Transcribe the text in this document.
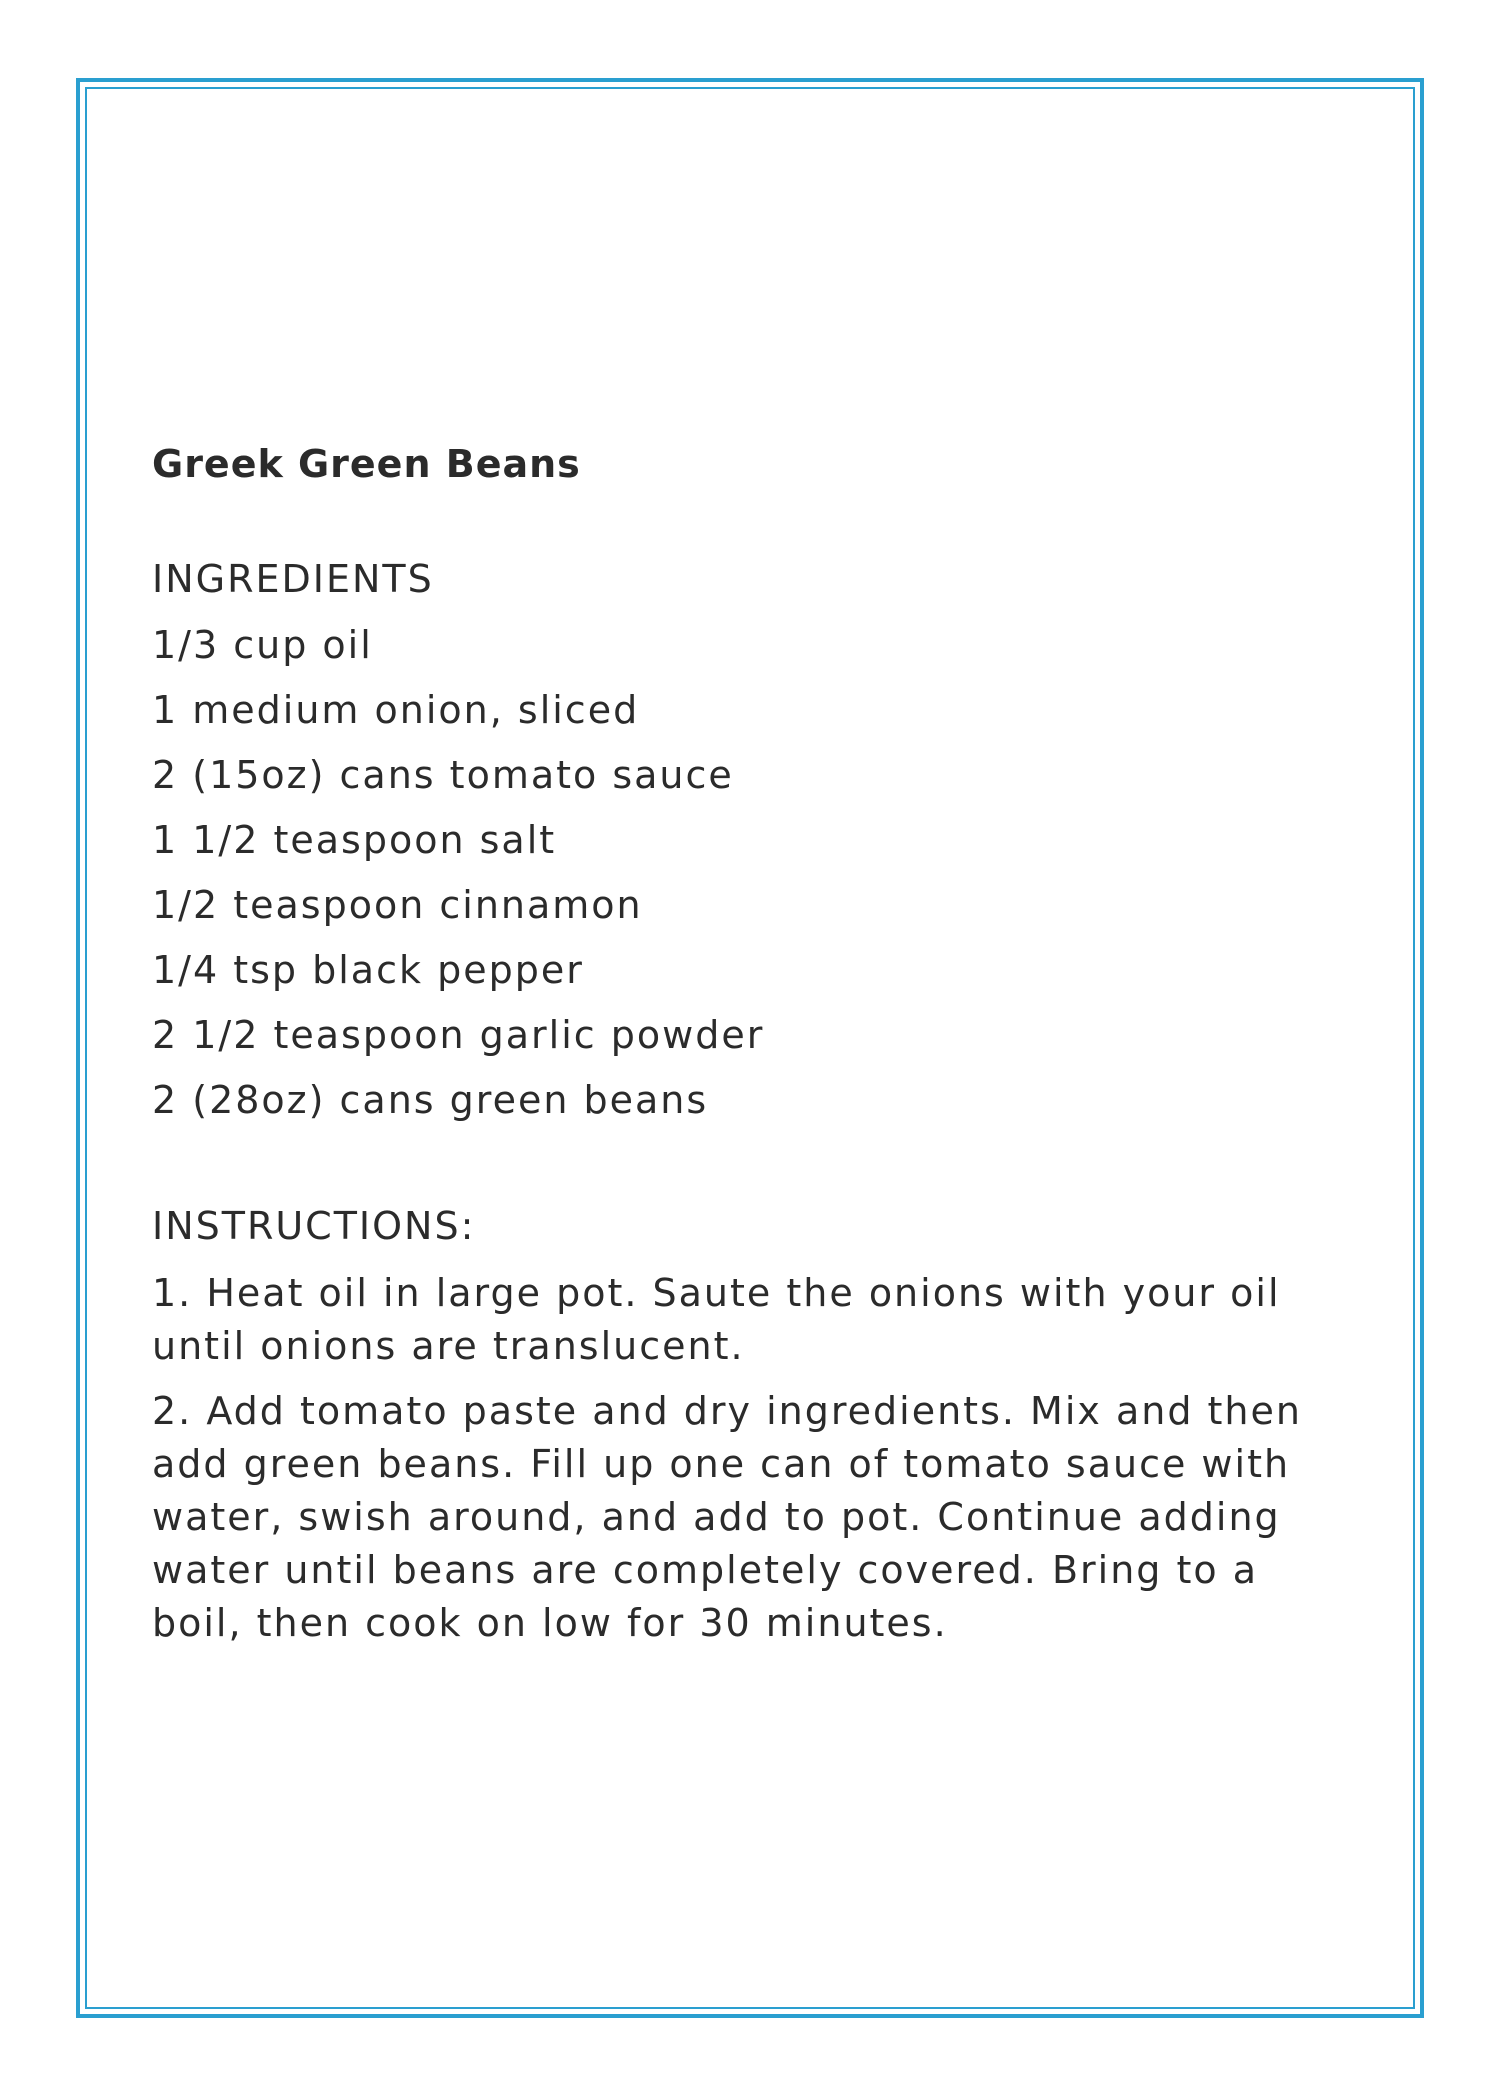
Greek Green Beans
INGREDIENTS
1/3 cup oil
1 medium onion, sliced
2 (15oz) cans tomato sauce
1 1/2 teaspoon salt
1/2 teaspoon cinnamon
1/4 tsp black pepper
2 1/2 teaspoon garlic powder
2 (28oz) cans green beans
INSTRUCTIONS:
1. Heat oil in large pot. Saute the onions with your oil until onions are translucent.
2. Add tomato paste and dry ingredients. Mix and then add green beans. Fill up one can of tomato sauce with water, swish around, and add to pot. Continue adding water until beans are completely covered. Bring to a boil, then cook on low for 30 minutes.
